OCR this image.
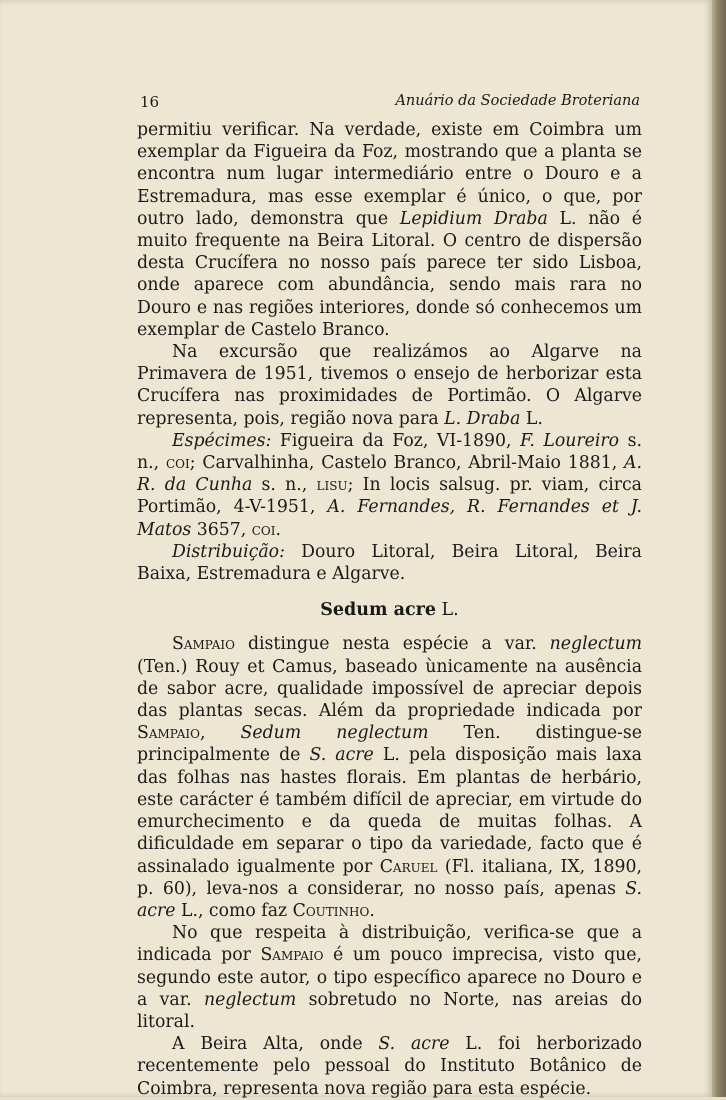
16	Anuário da Sociedade Broteriana

permitiu verificar. Na verdade, existe em Coimbra um exemplar da Figueira da Foz, mostrando que a planta se encontra num lugar intermediário entre o Douro e a Estremadura, mas esse exemplar é único, o que, por outro lado, demonstra que Lepidium Draba L. não é muito frequente na Beira Litoral. O centro de dispersão desta Crucífera no nosso país parece ter sido Lisboa, onde aparece com abundância, sendo mais rara no Douro e nas regiões interiores, donde só conhecemos um exemplar de Castelo Branco.

Na excursão que realizámos ao Algarve na Primavera de 1951, tivemos o ensejo de herborizar esta Crucífera nas proximidades de Portimão. O Algarve representa, pois, região nova para L. Draba L.

Espécimes: Figueira da Foz, VI-1890, F. Loureiro s. n., coi; Carvalhinha, Castelo Branco, Abril-Maio 1881, A. R. da Cunha s. n., lisu; In locis salsug. pr. viam, circa Portimão, 4-V-1951, A. Fernandes, R. Fernandes et J. Matos 3657, coi.

Distribuição: Douro Litoral, Beira Litoral, Beira Baixa, Estremadura e Algarve.

Sedum acre L.

Sampaio distingue nesta espécie a var. neglectum (Ten.) Rouy et Camus, baseado ùnicamente na ausência de sabor acre, qualidade impossível de apreciar depois das plantas secas. Além da propriedade indicada por Sampaio, Sedum neglectum Ten. distingue-se principalmente de S. acre L. pela disposição mais laxa das folhas nas hastes florais. Em plantas de herbário, este carácter é também difícil de apreciar, em virtude do emurchecimento e da queda de muitas folhas. A dificuldade em separar o tipo da variedade, facto que é assinalado igualmente por Caruel (Fl. italiana, IX, 1890, p. 60), leva-nos a considerar, no nosso país, apenas S. acre L., como faz Coutinho.

No que respeita à distribuição, verifica-se que a indicada por Sampaio é um pouco imprecisa, visto que, segundo este autor, o tipo específico aparece no Douro e a var. neglectum sobretudo no Norte, nas areias do litoral.

A Beira Alta, onde S. acre L. foi herborizado recentemente pelo pessoal do Instituto Botânico de Coimbra, representa nova região para esta espécie.
